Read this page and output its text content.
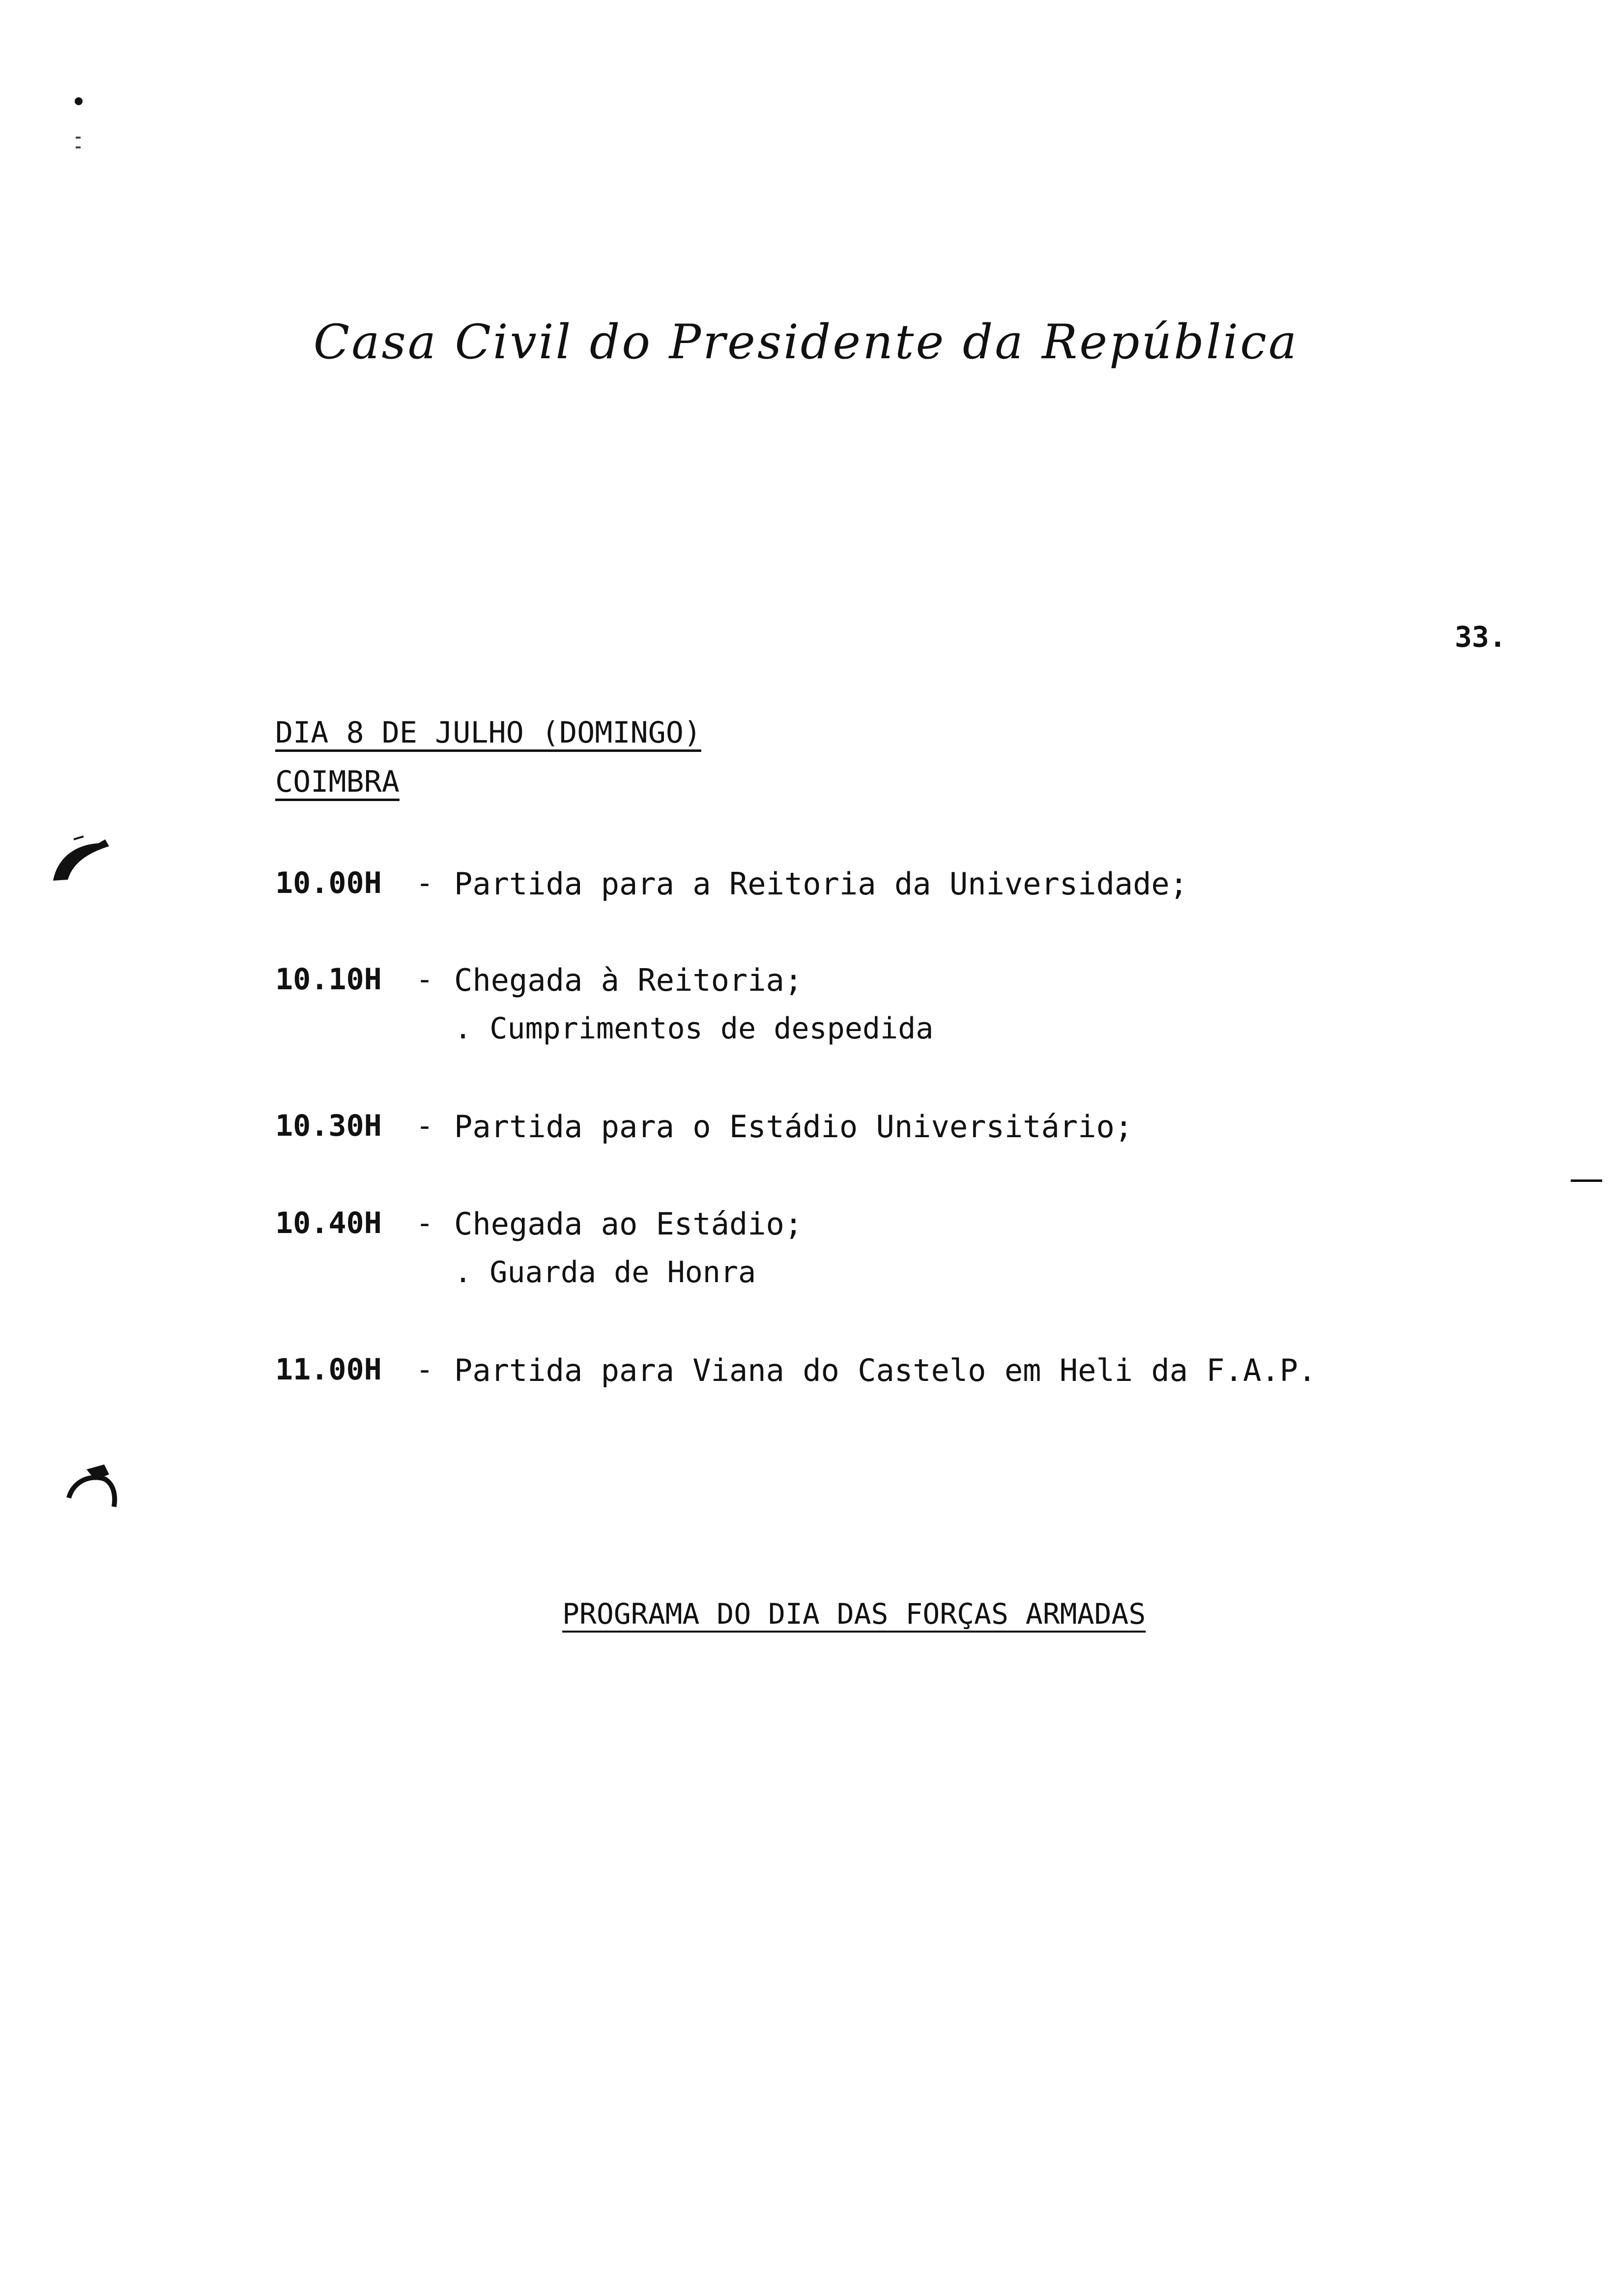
Casa Civil do Presidente da República
33.
DIA 8 DE JULHO (DOMINGO)
COIMBRA
10.00H - Partida para a Reitoria da Universidade;
10.10H - Chegada à Reitoria;
. Cumprimentos de despedida
10.30H - Partida para o Estádio Universitário;
10.40H - Chegada ao Estádio;
. Guarda de Honra
11.00H - Partida para Viana do Castelo em Heli da F.A.P.
PROGRAMA DO DIA DAS FORÇAS ARMADAS
